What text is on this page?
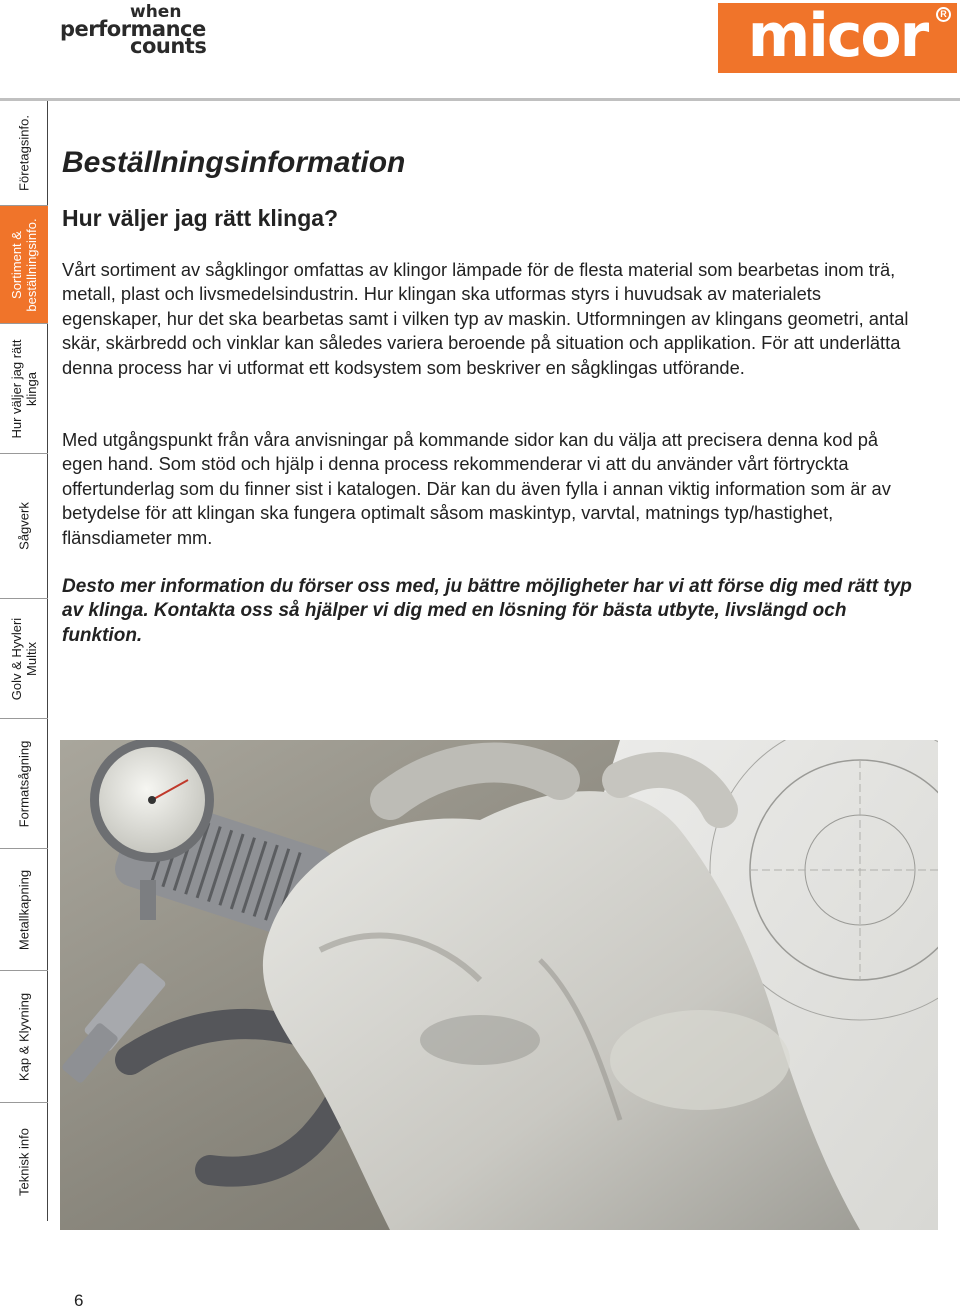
when
performance
counts	micor	R
Företagsinfo.
Sortiment & beställningsinfo.
Hur väljer jag rätt klinga
Sågverk
Golv & Hyvleri Multix
Formatsågning
Metallkapning
Kap & Klyvning
Teknisk info
Beställningsinformation
Hur väljer jag rätt klinga?

Vårt sortiment av sågklingor omfattas av klingor lämpade för de flesta material som bearbetas inom trä, metall, plast och livsmedelsindustrin. Hur klingan ska utformas styrs i huvudsak av materialets egenskaper, hur det ska bearbetas samt i vilken typ av maskin. Utformningen av klingans geometri, antal skär, skärbredd och vinklar kan således variera beroende på situation och applikation. För att underlätta denna process har vi utformat ett kodsystem som beskriver en sågklingas utförande.

Med utgångspunkt från våra anvisningar på kommande sidor kan du välja att precisera denna kod på egen hand. Som stöd och hjälp i denna process rekommenderar vi att du använder vårt förtryckta offertunderlag som du finner sist i katalogen. Där kan du även fylla i annan viktig information som är av betydelse för att klingan ska fungera optimalt såsom maskintyp, varvtal, matnings typ/hastighet, flänsdiameter mm.

Desto mer information du förser oss med, ju bättre möjligheter har vi att förse dig med rätt typ av klinga. Kontakta oss så hjälper vi dig med en lösning för bästa utbyte, livslängd och funktion.

6
